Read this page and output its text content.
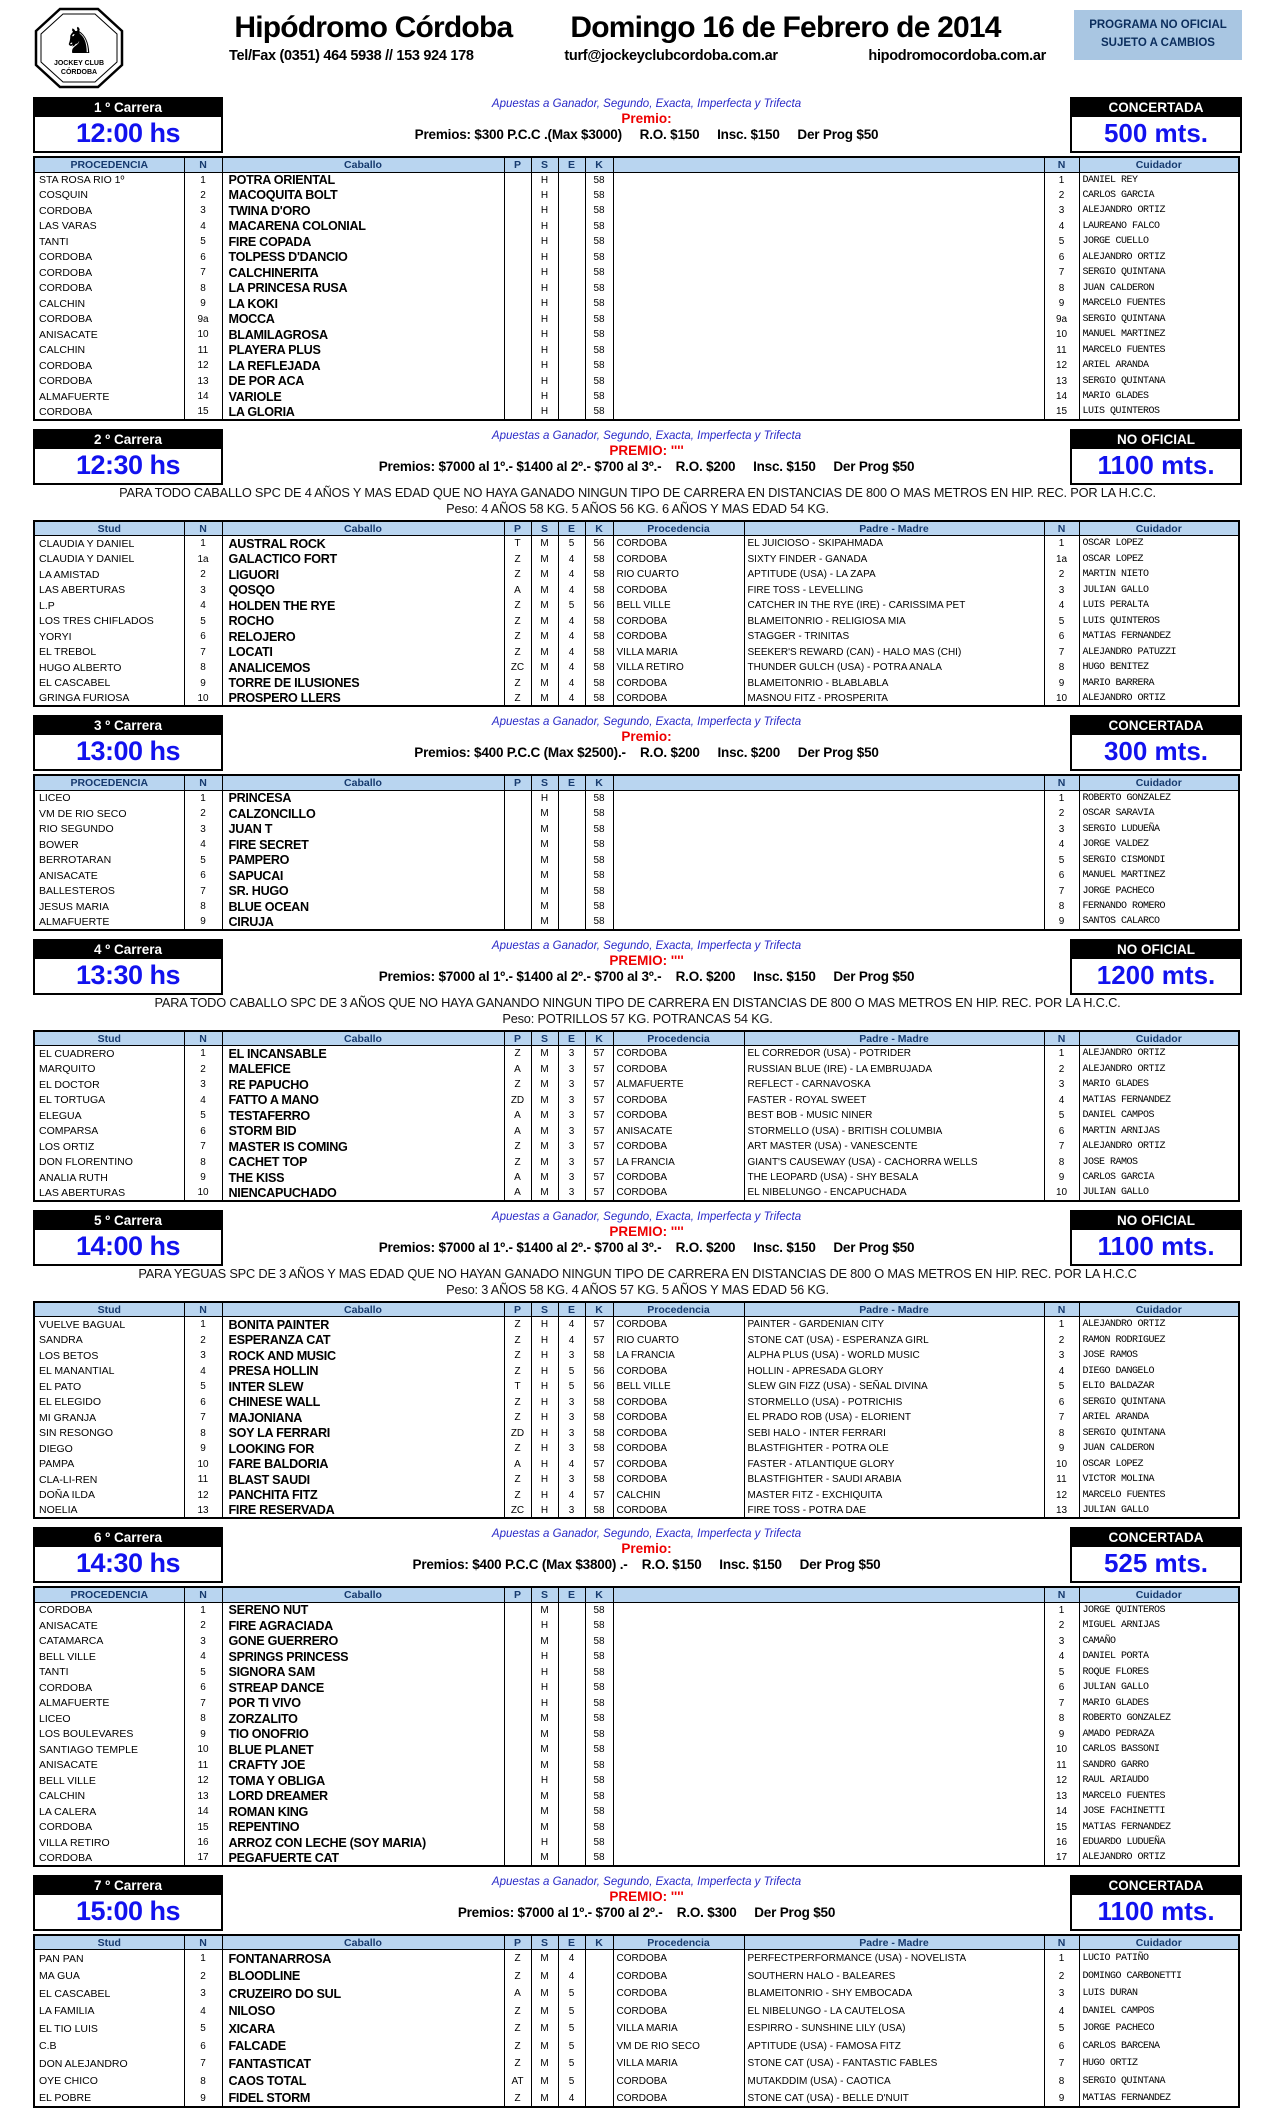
♞
JOCKEY CLUB
CÓRDOBA
Hipódromo Córdoba Domingo 16 de Febrero de 2014
Tel/Fax (0351) 464 5938 // 153 924 178	turf@jockeyclubcordoba.com.ar	hipodromocordoba.com.ar
PROGRAMA NO OFICIAL
SUJETO A CAMBIOS
1 º Carrera
12:00 hs
Apuestas a Ganador, Segundo, Exacta, Imperfecta y Trifecta
Premio:
Premios: $300 P.C.C .(Max $3000)     R.O. $150     Insc. $150     Der Prog $50
CONCERTADA
500 mts.
PROCEDENCIA	N	Caballo	P	S	E	K		N	Cuidador
STA ROSA RIO 1º	1	POTRA ORIENTAL		H		58		1	DANIEL REY
COSQUIN	2	MACOQUITA BOLT		H		58		2	CARLOS GARCIA
CORDOBA	3	TWINA D'ORO		H		58		3	ALEJANDRO ORTIZ
LAS VARAS	4	MACARENA COLONIAL		H		58		4	LAUREANO FALCO
TANTI	5	FIRE COPADA		H		58		5	JORGE CUELLO
CORDOBA	6	TOLPESS D'DANCIO		H		58		6	ALEJANDRO ORTIZ
CORDOBA	7	CALCHINERITA		H		58		7	SERGIO QUINTANA
CORDOBA	8	LA PRINCESA RUSA		H		58		8	JUAN CALDERON
CALCHIN	9	LA KOKI		H		58		9	MARCELO FUENTES
CORDOBA	9a	MOCCA		H		58		9a	SERGIO QUINTANA
ANISACATE	10	BLAMILAGROSA		H		58		10	MANUEL MARTINEZ
CALCHIN	11	PLAYERA PLUS		H		58		11	MARCELO FUENTES
CORDOBA	12	LA REFLEJADA		H		58		12	ARIEL ARANDA
CORDOBA	13	DE POR ACA		H		58		13	SERGIO QUINTANA
ALMAFUERTE	14	VARIOLE		H		58		14	MARIO GLADES
CORDOBA	15	LA GLORIA		H		58		15	LUIS QUINTEROS
2 º Carrera
12:30 hs
Apuestas a Ganador, Segundo, Exacta, Imperfecta y Trifecta
PREMIO: ''''
Premios: $7000 al 1º.- $1400 al 2º.- $700 al 3º.-    R.O. $200     Insc. $150     Der Prog $50
NO OFICIAL
1100 mts.
PARA TODO CABALLO SPC DE 4 AÑOS Y MAS EDAD QUE NO HAYA GANADO NINGUN TIPO DE CARRERA EN DISTANCIAS DE 800 O MAS METROS EN HIP. REC. POR LA H.C.C.
Peso: 4 AÑOS 58 KG. 5 AÑOS 56 KG. 6 AÑOS Y MAS EDAD 54 KG.
Stud	N	Caballo	P	S	E	K	Procedencia	Padre - Madre	N	Cuidador
CLAUDIA Y DANIEL	1	AUSTRAL ROCK	T	M	5	56	CORDOBA	EL JUICIOSO - SKIPAHMADA	1	OSCAR LOPEZ
CLAUDIA Y DANIEL	1a	GALACTICO FORT	Z	M	4	58	CORDOBA	SIXTY FINDER - GANADA	1a	OSCAR LOPEZ
LA AMISTAD	2	LIGUORI	Z	M	4	58	RIO CUARTO	APTITUDE (USA) - LA ZAPA	2	MARTIN NIETO
LAS ABERTURAS	3	QOSQO	A	M	4	58	CORDOBA	FIRE TOSS - LEVELLING	3	JULIAN GALLO
L.P	4	HOLDEN THE RYE	Z	M	5	56	BELL VILLE	CATCHER IN THE RYE (IRE) - CARISSIMA PET	4	LUIS PERALTA
LOS TRES CHIFLADOS	5	ROCHO	Z	M	4	58	CORDOBA	BLAMEITONRIO - RELIGIOSA MIA	5	LUIS QUINTEROS
YORYI	6	RELOJERO	Z	M	4	58	CORDOBA	STAGGER - TRINITAS	6	MATIAS FERNANDEZ
EL TREBOL	7	LOCATI	Z	M	4	58	VILLA MARIA	SEEKER'S REWARD (CAN) - HALO MAS (CHI)	7	ALEJANDRO PATUZZI
HUGO ALBERTO	8	ANALICEMOS	ZC	M	4	58	VILLA RETIRO	THUNDER GULCH (USA) - POTRA ANALA	8	HUGO BENITEZ
EL CASCABEL	9	TORRE DE ILUSIONES	Z	M	4	58	CORDOBA	BLAMEITONRIO - BLABLABLA	9	MARIO BARRERA
GRINGA FURIOSA	10	PROSPERO LLERS	Z	M	4	58	CORDOBA	MASNOU FITZ - PROSPERITA	10	ALEJANDRO ORTIZ
3 º Carrera
13:00 hs
Apuestas a Ganador, Segundo, Exacta, Imperfecta y Trifecta
Premio:
Premios: $400 P.C.C (Max $2500).-    R.O. $200     Insc. $200     Der Prog $50
CONCERTADA
300 mts.
PROCEDENCIA	N	Caballo	P	S	E	K		N	Cuidador
LICEO	1	PRINCESA		H		58		1	ROBERTO GONZALEZ
VM DE RIO SECO	2	CALZONCILLO		M		58		2	OSCAR SARAVIA
RIO SEGUNDO	3	JUAN T		M		58		3	SERGIO LUDUEÑA
BOWER	4	FIRE SECRET		M		58		4	JORGE VALDEZ
BERROTARAN	5	PAMPERO		M		58		5	SERGIO CISMONDI
ANISACATE	6	SAPUCAI		M		58		6	MANUEL MARTINEZ
BALLESTEROS	7	SR. HUGO		M		58		7	JORGE PACHECO
JESUS MARIA	8	BLUE OCEAN		M		58		8	FERNANDO ROMERO
ALMAFUERTE	9	CIRUJA		M		58		9	SANTOS CALARCO
4 º Carrera
13:30 hs
Apuestas a Ganador, Segundo, Exacta, Imperfecta y Trifecta
PREMIO: ''''
Premios: $7000 al 1º.- $1400 al 2º.- $700 al 3º.-    R.O. $200     Insc. $150     Der Prog $50
NO OFICIAL
1200 mts.
PARA TODO CABALLO SPC DE 3 AÑOS QUE NO HAYA GANANDO NINGUN TIPO DE CARRERA EN DISTANCIAS DE 800 O MAS METROS EN HIP. REC. POR LA H.C.C.
Peso: POTRILLOS 57 KG. POTRANCAS 54 KG.
Stud	N	Caballo	P	S	E	K	Procedencia	Padre - Madre	N	Cuidador
EL CUADRERO	1	EL INCANSABLE	Z	M	3	57	CORDOBA	EL CORREDOR (USA) - POTRIDER	1	ALEJANDRO ORTIZ
MARQUITO	2	MALEFICE	A	M	3	57	CORDOBA	RUSSIAN BLUE (IRE) - LA EMBRUJADA	2	ALEJANDRO ORTIZ
EL DOCTOR	3	RE PAPUCHO	Z	M	3	57	ALMAFUERTE	REFLECT - CARNAVOSKA	3	MARIO GLADES
EL TORTUGA	4	FATTO A MANO	ZD	M	3	57	CORDOBA	FASTER - ROYAL SWEET	4	MATIAS FERNANDEZ
ELEGUA	5	TESTAFERRO	A	M	3	57	CORDOBA	BEST BOB - MUSIC NINER	5	DANIEL CAMPOS
COMPARSA	6	STORM BID	A	M	3	57	ANISACATE	STORMELLO (USA) - BRITISH COLUMBIA	6	MARTIN ARNIJAS
LOS ORTIZ	7	MASTER IS COMING	Z	M	3	57	CORDOBA	ART MASTER (USA) - VANESCENTE	7	ALEJANDRO ORTIZ
DON FLORENTINO	8	CACHET TOP	Z	M	3	57	LA FRANCIA	GIANT'S CAUSEWAY (USA) - CACHORRA WELLS	8	JOSE RAMOS
ANALIA RUTH	9	THE KISS	A	M	3	57	CORDOBA	THE LEOPARD (USA) - SHY BESALA	9	CARLOS GARCIA
LAS ABERTURAS	10	NIENCAPUCHADO	A	M	3	57	CORDOBA	EL NIBELUNGO - ENCAPUCHADA	10	JULIAN GALLO
5 º Carrera
14:00 hs
Apuestas a Ganador, Segundo, Exacta, Imperfecta y Trifecta
PREMIO: ''''
Premios: $7000 al 1º.- $1400 al 2º.- $700 al 3º.-    R.O. $200     Insc. $150     Der Prog $50
NO OFICIAL
1100 mts.
PARA YEGUAS SPC DE 3 AÑOS Y MAS EDAD QUE NO HAYAN GANADO NINGUN TIPO DE CARRERA EN DISTANCIAS DE 800 O MAS METROS EN HIP. REC. POR LA H.C.C
Peso: 3 AÑOS 58 KG. 4 AÑOS 57 KG. 5 AÑOS Y MAS EDAD 56 KG.
Stud	N	Caballo	P	S	E	K	Procedencia	Padre - Madre	N	Cuidador
VUELVE BAGUAL	1	BONITA PAINTER	Z	H	4	57	CORDOBA	PAINTER - GARDENIAN CITY	1	ALEJANDRO ORTIZ
SANDRA	2	ESPERANZA CAT	Z	H	4	57	RIO CUARTO	STONE CAT (USA) - ESPERANZA GIRL	2	RAMON RODRIGUEZ
LOS BETOS	3	ROCK AND MUSIC	Z	H	3	58	LA FRANCIA	ALPHA PLUS (USA) - WORLD MUSIC	3	JOSE RAMOS
EL MANANTIAL	4	PRESA HOLLIN	Z	H	5	56	CORDOBA	HOLLIN - APRESADA GLORY	4	DIEGO DANGELO
EL PATO	5	INTER SLEW	T	H	5	56	BELL VILLE	SLEW GIN FIZZ (USA) - SEÑAL DIVINA	5	ELIO BALDAZAR
EL ELEGIDO	6	CHINESE WALL	Z	H	3	58	CORDOBA	STORMELLO (USA) - POTRICHIS	6	SERGIO QUINTANA
MI GRANJA	7	MAJONIANA	Z	H	3	58	CORDOBA	EL PRADO ROB (USA) - ELORIENT	7	ARIEL ARANDA
SIN RESONGO	8	SOY LA FERRARI	ZD	H	3	58	CORDOBA	SEBI HALO - INTER FERRARI	8	SERGIO QUINTANA
DIEGO	9	LOOKING FOR	Z	H	3	58	CORDOBA	BLASTFIGHTER - POTRA OLE	9	JUAN CALDERON
PAMPA	10	FARE BALDORIA	A	H	4	57	CORDOBA	FASTER - ATLANTIQUE GLORY	10	OSCAR LOPEZ
CLA-LI-REN	11	BLAST SAUDI	Z	H	3	58	CORDOBA	BLASTFIGHTER - SAUDI ARABIA	11	VICTOR MOLINA
DOÑA ILDA	12	PANCHITA FITZ	Z	H	4	57	CALCHIN	MASTER FITZ - EXCHIQUITA	12	MARCELO FUENTES
NOELIA	13	FIRE RESERVADA	ZC	H	3	58	CORDOBA	FIRE TOSS - POTRA DAE	13	JULIAN GALLO
6 º Carrera
14:30 hs
Apuestas a Ganador, Segundo, Exacta, Imperfecta y Trifecta
Premio:
Premios: $400 P.C.C (Max $3800) .-    R.O. $150     Insc. $150     Der Prog $50
CONCERTADA
525 mts.
PROCEDENCIA	N	Caballo	P	S	E	K		N	Cuidador
CORDOBA	1	SERENO NUT		M		58		1	JORGE QUINTEROS
ANISACATE	2	FIRE AGRACIADA		H		58		2	MIGUEL ARNIJAS
CATAMARCA	3	GONE GUERRERO		M		58		3	CAMAÑO
BELL VILLE	4	SPRINGS PRINCESS		H		58		4	DANIEL PORTA
TANTI	5	SIGNORA SAM		H		58		5	ROQUE FLORES
CORDOBA	6	STREAP DANCE		H		58		6	JULIAN GALLO
ALMAFUERTE	7	POR TI VIVO		H		58		7	MARIO GLADES
LICEO	8	ZORZALITO		M		58		8	ROBERTO GONZALEZ
LOS BOULEVARES	9	TIO ONOFRIO		M		58		9	AMADO PEDRAZA
SANTIAGO TEMPLE	10	BLUE PLANET		M		58		10	CARLOS BASSONI
ANISACATE	11	CRAFTY JOE		M		58		11	SANDRO GARRO
BELL VILLE	12	TOMA Y OBLIGA		H		58		12	RAUL ARIAUDO
CALCHIN	13	LORD DREAMER		M		58		13	MARCELO FUENTES
LA CALERA	14	ROMAN KING		M		58		14	JOSE FACHINETTI
CORDOBA	15	REPENTINO		M		58		15	MATIAS FERNANDEZ
VILLA RETIRO	16	ARROZ CON LECHE (SOY MARIA)		H		58		16	EDUARDO LUDUEÑA
CORDOBA	17	PEGAFUERTE CAT		M		58		17	ALEJANDRO ORTIZ
7 º Carrera
15:00 hs
Apuestas a Ganador, Segundo, Exacta, Imperfecta y Trifecta
PREMIO: ''''
Premios: $7000 al 1º.- $700 al 2º.-    R.O. $300     Der Prog $50
CONCERTADA
1100 mts.
Stud	N	Caballo	P	S	E	K	Procedencia	Padre - Madre	N	Cuidador
PAN PAN	1	FONTANARROSA	Z	M	4		CORDOBA	PERFECTPERFORMANCE (USA) - NOVELISTA	1	LUCIO PATIÑO
MA GUA	2	BLOODLINE	Z	M	4		CORDOBA	SOUTHERN HALO - BALEARES	2	DOMINGO CARBONETTI
EL CASCABEL	3	CRUZEIRO DO SUL	A	M	5		CORDOBA	BLAMEITONRIO - SHY EMBOCADA	3	LUIS DURAN
LA FAMILIA	4	NILOSO	Z	M	5		CORDOBA	EL NIBELUNGO - LA CAUTELOSA	4	DANIEL CAMPOS
EL TIO LUIS	5	XICARA	Z	M	5		VILLA MARIA	ESPIRRO - SUNSHINE LILY (USA)	5	JORGE PACHECO
C.B	6	FALCADE	Z	M	5		VM DE RIO SECO	APTITUDE (USA) - FAMOSA FITZ	6	CARLOS BARCENA
DON ALEJANDRO	7	FANTASTICAT	Z	M	5		VILLA MARIA	STONE CAT (USA) - FANTASTIC FABLES	7	HUGO ORTIZ
OYE CHICO	8	CAOS TOTAL	AT	M	5		CORDOBA	MUTAKDDIM (USA) - CAOTICA	8	SERGIO QUINTANA
EL POBRE	9	FIDEL STORM	Z	M	4		CORDOBA	STONE CAT (USA) - BELLE D'NUIT	9	MATIAS FERNANDEZ
